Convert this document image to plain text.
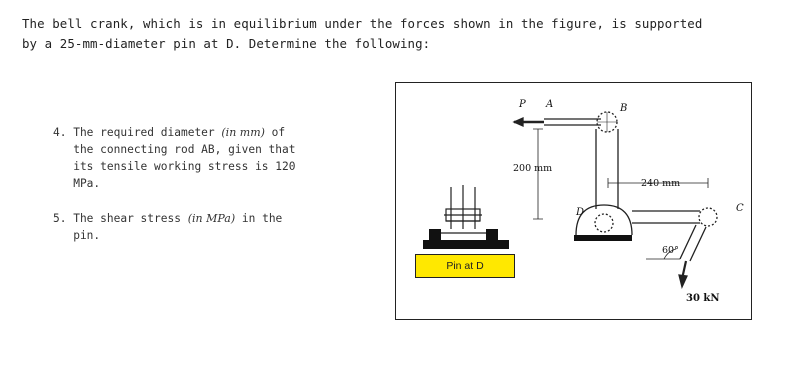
The bell crank, which is in equilibrium under the forces shown in the figure, is supported
by a 25-mm-diameter pin at D. Determine the following:
4. The required diameter (in mm) of
the connecting rod AB, given that
its tensile working stress is 120
MPa.
5. The shear stress (in MPa) in the
pin.
P A	B
C
D
200 mm
240 mm
60°
30 kN
Pin at D
